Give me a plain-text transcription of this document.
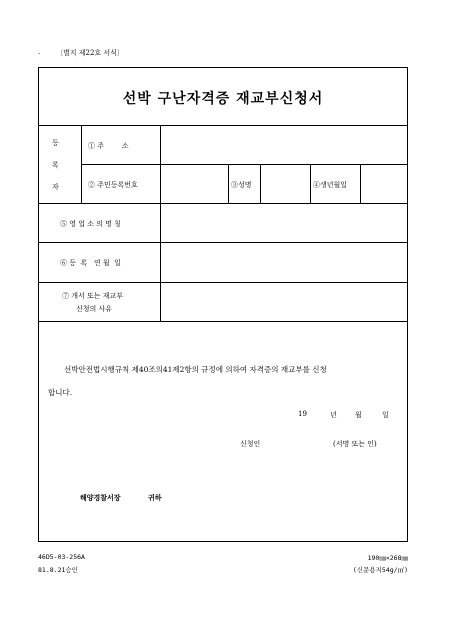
. 〔별지 제22호 서식〕
선박 구난자격증 재교부신청서
등
록
자
① 주        소
② 주민등록번호	③성명	④생년월일
⑤ 영 업 소 의 명 칭
⑥ 등  록   연 월  일
⑦ 개서 또는 재교부
신청의 사유
선박안전법시행규칙 제40조의41제2항의 규정에 의하여 자격증의 재교부를 신청
합니다.
19	년	월	일
신청인	(서명 또는 인)
해양경찰서장	귀하
46D5-03-256A
81.8.21승인
190㎜×268㎜
(신문용지54g/㎡)
